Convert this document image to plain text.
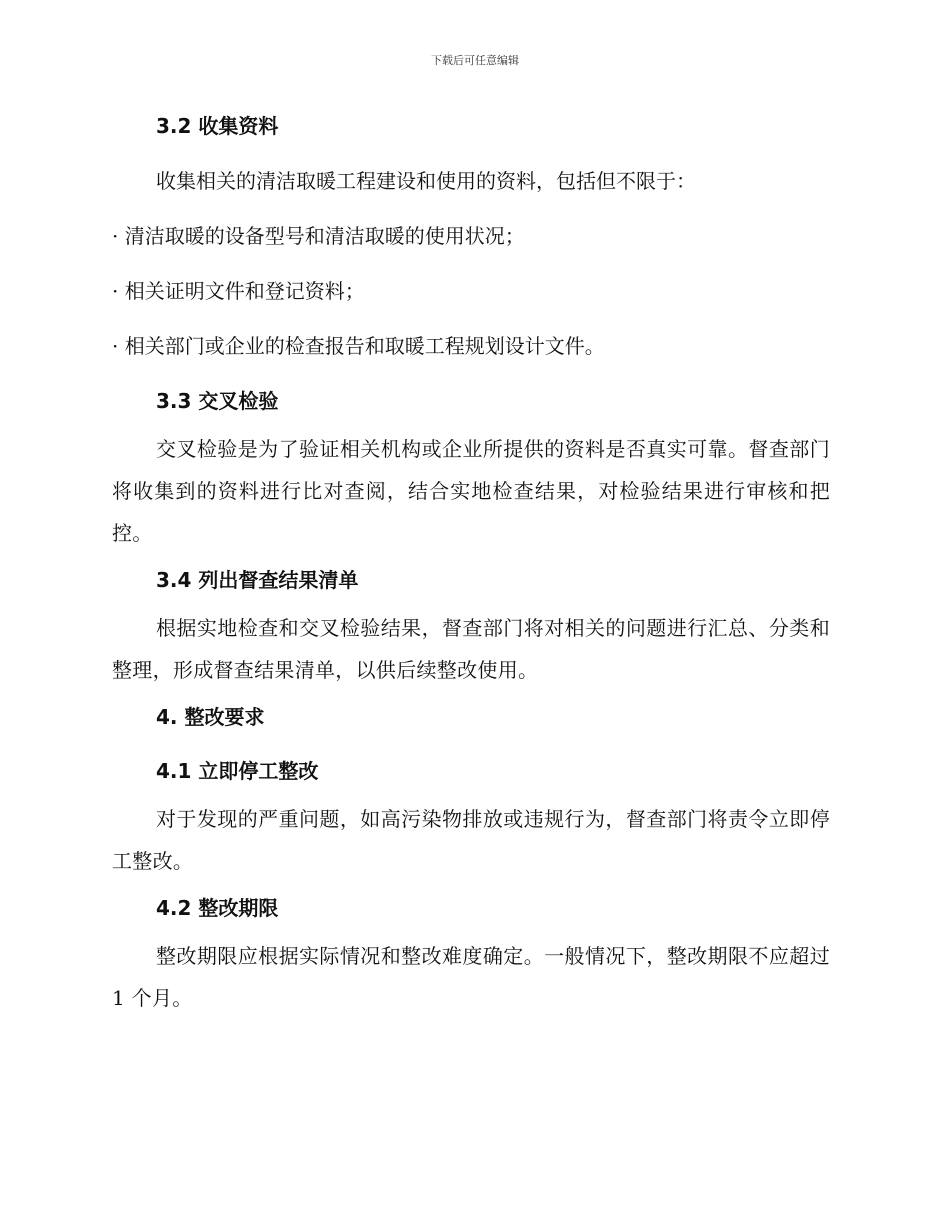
下载后可任意编辑
3.2 收集资料

收集相关的清洁取暖工程建设和使用的资料，包括但不限于：

· 清洁取暖的设备型号和清洁取暖的使用状况；

· 相关证明文件和登记资料；

· 相关部门或企业的检查报告和取暖工程规划设计文件。

3.3 交叉检验

交叉检验是为了验证相关机构或企业所提供的资料是否真实可靠。督查部门将收集到的资料进行比对查阅，结合实地检查结果，对检验结果进行审核和把控。

3.4 列出督查结果清单

根据实地检查和交叉检验结果，督查部门将对相关的问题进行汇总、分类和整理，形成督查结果清单，以供后续整改使用。

4. 整改要求
4.1 立即停工整改

对于发现的严重问题，如高污染物排放或违规行为，督查部门将责令立即停工整改。

4.2 整改期限

整改期限应根据实际情况和整改难度确定。一般情况下，整改期限不应超过 1 个月。
